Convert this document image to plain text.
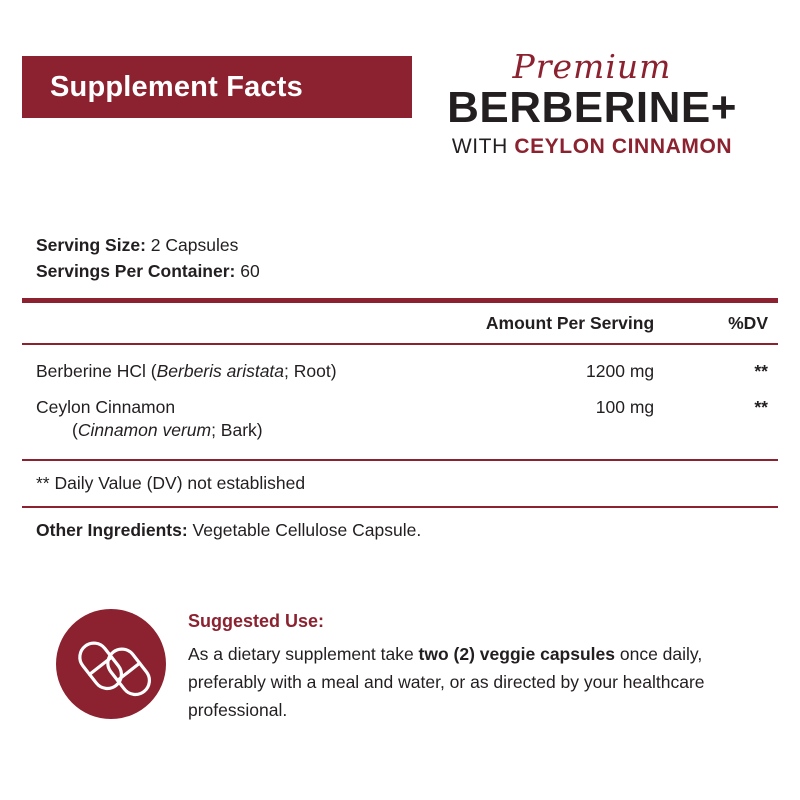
Supplement Facts
Premium
BERBERINE+
WITH CEYLON CINNAMON
Serving Size: 2 Capsules
Servings Per Container: 60
	Amount Per Serving	%DV
Berberine HCl (Berberis aristata; Root)	1200 mg	**
Ceylon Cinnamon
(Cinnamon verum; Bark)	100 mg	**
** Daily Value (DV) not established
Other Ingredients: Vegetable Cellulose Capsule.
Suggested Use:
As a dietary supplement take two (2) veggie capsules once daily, preferably with a meal and water, or as directed by your healthcare professional.
